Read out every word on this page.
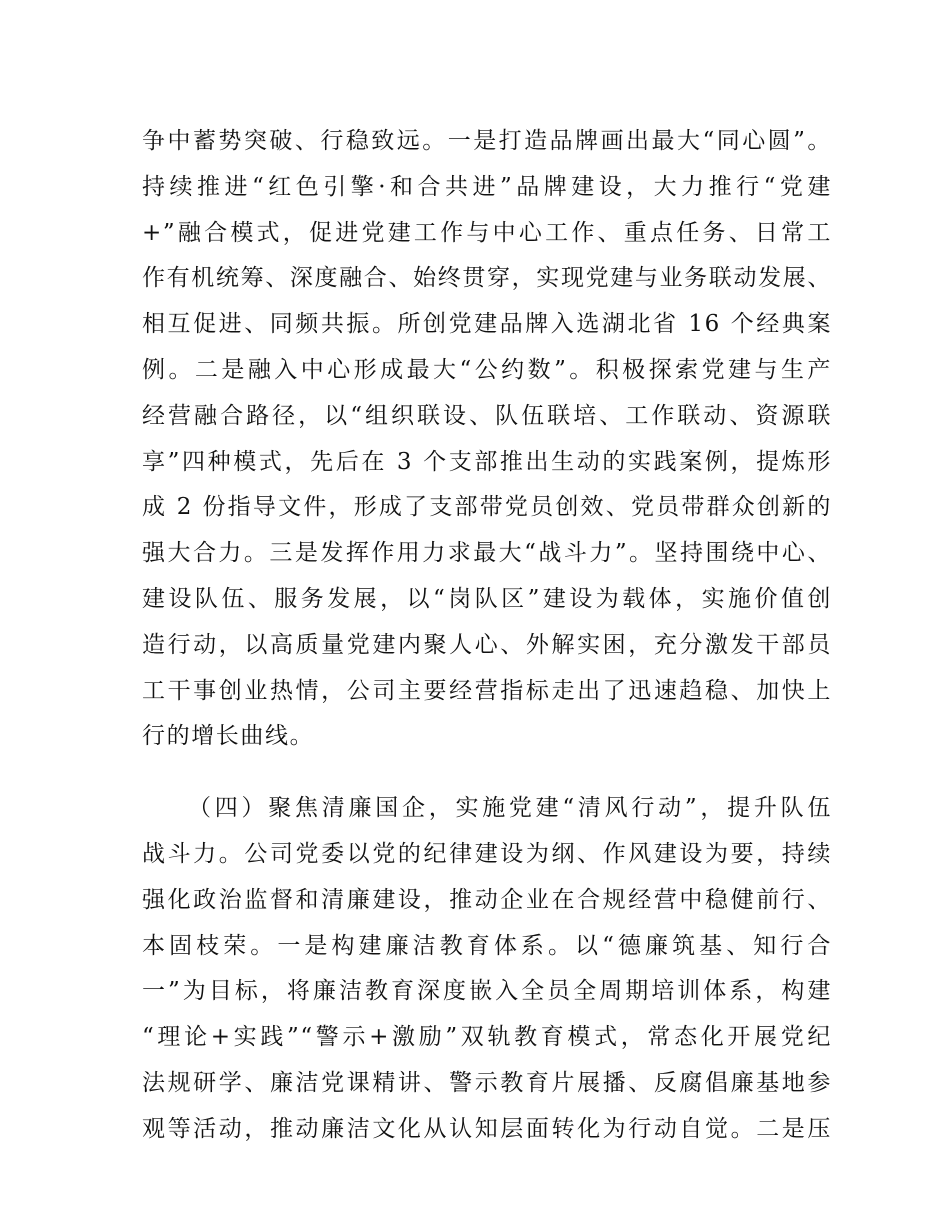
争中蓄势突破、行稳致远。一是打造品牌画出最大“同心圆”。
持续推进“红色引擎·和合共进”品牌建设，大力推行“党建
+”融合模式，促进党建工作与中心工作、重点任务、日常工
作有机统筹、深度融合、始终贯穿，实现党建与业务联动发展、
相互促进、同频共振。所创党建品牌入选湖北省 16 个经典案
例。二是融入中心形成最大“公约数”。积极探索党建与生产
经营融合路径，以“组织联设、队伍联培、工作联动、资源联
享”四种模式，先后在 3 个支部推出生动的实践案例，提炼形
成 2 份指导文件，形成了支部带党员创效、党员带群众创新的
强大合力。三是发挥作用力求最大“战斗力”。坚持围绕中心、
建设队伍、服务发展，以“岗队区”建设为载体，实施价值创
造行动，以高质量党建内聚人心、外解实困，充分激发干部员
工干事创业热情，公司主要经营指标走出了迅速趋稳、加快上
行的增长曲线。
（四）聚焦清廉国企，实施党建“清风行动”，提升队伍
战斗力。公司党委以党的纪律建设为纲、作风建设为要，持续
强化政治监督和清廉建设，推动企业在合规经营中稳健前行、
本固枝荣。一是构建廉洁教育体系。以“德廉筑基、知行合
一”为目标，将廉洁教育深度嵌入全员全周期培训体系，构建
“理论+实践”“警示+激励”双轨教育模式，常态化开展党纪
法规研学、廉洁党课精讲、警示教育片展播、反腐倡廉基地参
观等活动，推动廉洁文化从认知层面转化为行动自觉。二是压
